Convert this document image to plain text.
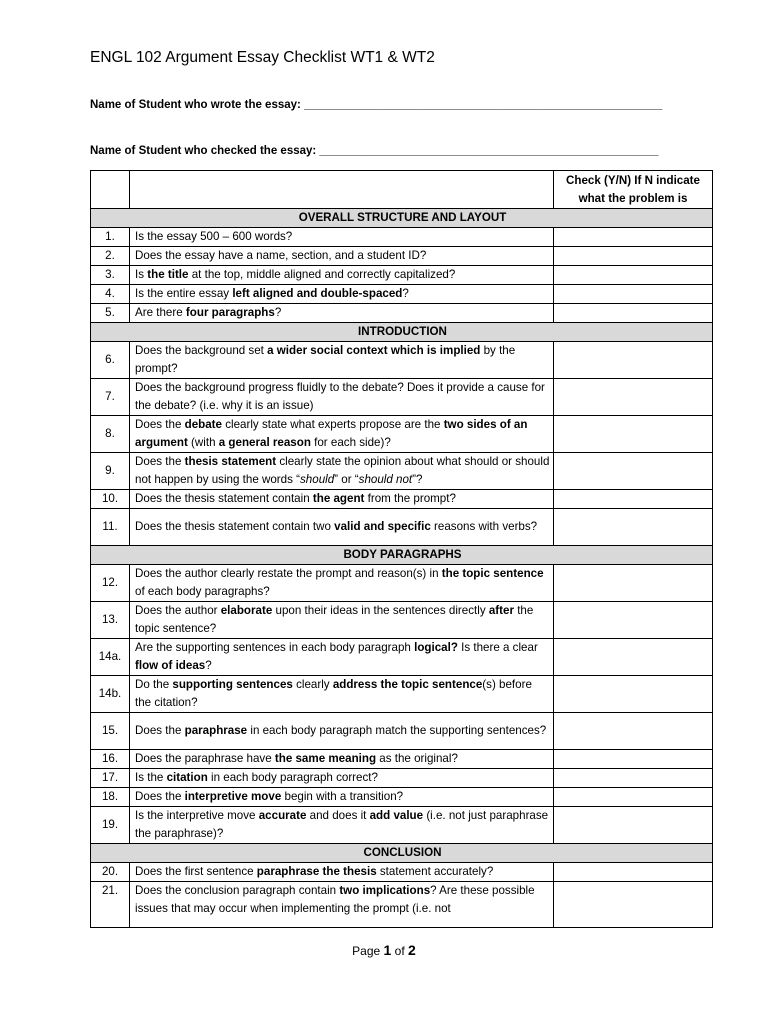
ENGL 102 Argument Essay Checklist WT1 & WT2
Name of Student who wrote the essay: ________________________________________________________
Name of Student who checked the essay: _____________________________________________________
		Check (Y/N) If N indicate what the problem is
OVERALL STRUCTURE AND LAYOUT		
1.	Is the essay 500 – 600 words?	
2.	Does the essay have a name, section, and a student ID?	
3.	Is the title at the top, middle aligned and correctly capitalized?	
4.	Is the entire essay left aligned and double-spaced?	
5.	Are there four paragraphs?	
INTRODUCTION		
6.	Does the background set a wider social context which is implied by the prompt?	
7.	Does the background progress fluidly to the debate? Does it provide a cause for the debate? (i.e. why it is an issue)	
8.	Does the debate clearly state what experts propose are the two sides of an argument (with a general reason for each side)?	
9.	Does the thesis statement clearly state the opinion about what should or should not happen by using the words “should” or “should not”?	
10.	Does the thesis statement contain the agent from the prompt?	
11.	Does the thesis statement contain two valid and specific reasons with verbs?	
BODY PARAGRAPHS		
12.	Does the author clearly restate the prompt and reason(s) in the topic sentence of each body paragraphs?	
13.	Does the author elaborate upon their ideas in the sentences directly after the topic sentence?	
14a.	Are the supporting sentences in each body paragraph logical? Is there a clear flow of ideas?	
14b.	Do the supporting sentences clearly address the topic sentence(s) before the citation?	
15.	Does the paraphrase in each body paragraph match the supporting sentences?	
16.	Does the paraphrase have the same meaning as the original?	
17.	Is the citation in each body paragraph correct?	
18.	Does the interpretive move begin with a transition?	
19.	Is the interpretive move accurate and does it add value (i.e. not just paraphrase the paraphrase)?	
CONCLUSION		
20.	Does the first sentence paraphrase the thesis statement accurately?	
21.	Does the conclusion paragraph contain two implications? Are these possible issues that may occur when implementing the prompt (i.e. not	
Page 1 of 2
